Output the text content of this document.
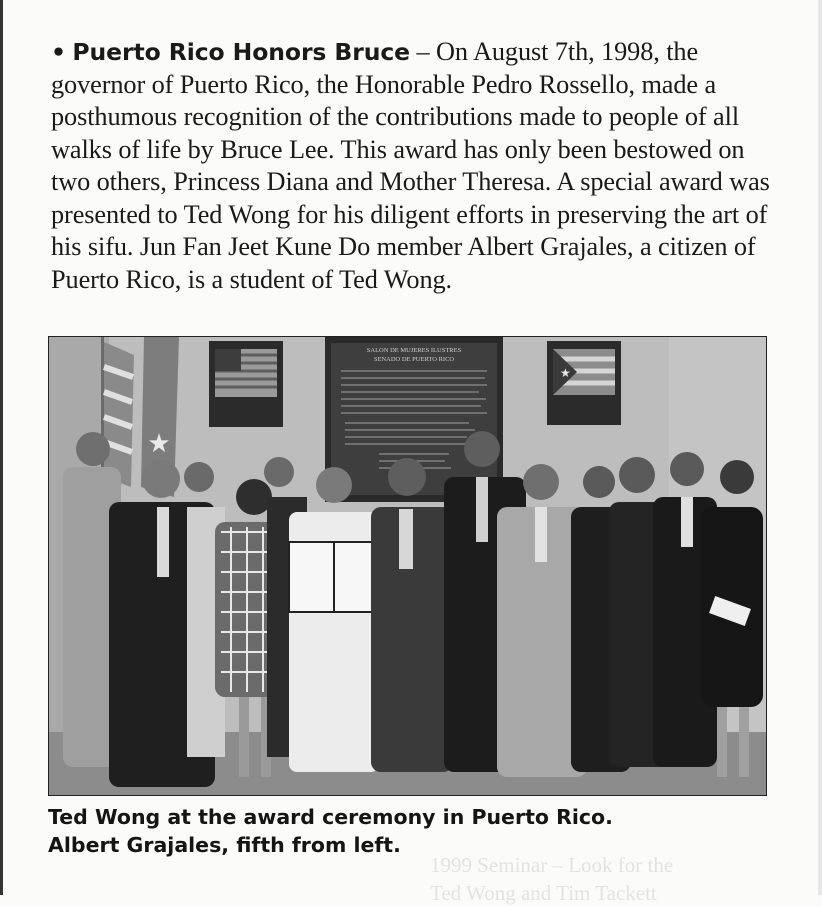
• Puerto Rico Honors Bruce – On August 7th, 1998, the governor of Puerto Rico, the Honorable Pedro Rossello, made a posthumous recognition of the contributions made to people of all walks of life by Bruce Lee. This award has only been bestowed on two others, Princess Diana and Mother Theresa. A special award was presented to Ted Wong for his diligent efforts in preserving the art of his sifu. Jun Fan Jeet Kune Do member Albert Grajales, a citizen of Puerto Rico, is a student of Ted Wong.
★
SALON DE MUJERES ILUSTRES
SENADO DE PUERTO RICO
★
Ted Wong at the award ceremony in Puerto Rico.
Albert Grajales, fifth from left.
1999 Seminar – Look for the
Ted Wong and Tim Tackett
